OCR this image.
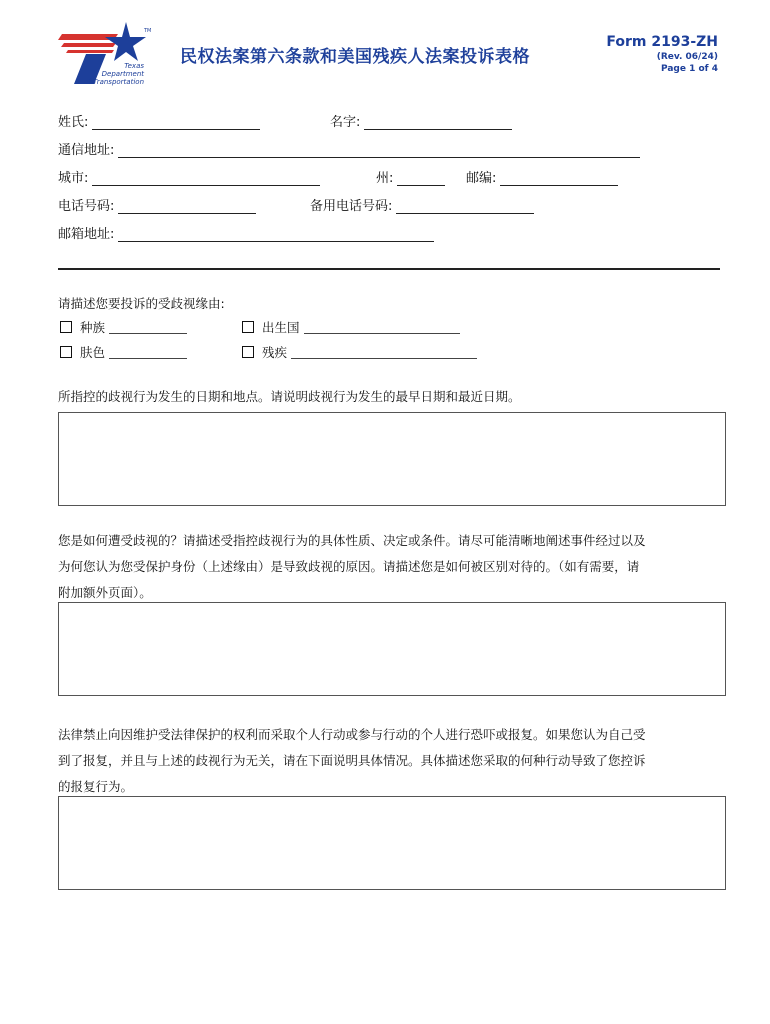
TM
Texas
Department
of Transportation
民权法案第六条款和美国残疾人法案投诉表格
Form 2193-ZH
(Rev. 06/24)
Page 1 of 4
姓氏:	名字:
通信地址:
城市:	州:	邮编:
电话号码:	备用电话号码:
邮箱地址:
请描述您要投诉的受歧视缘由:
种族	出生国
肤色	残疾
所指控的歧视行为发生的日期和地点。请说明歧视行为发生的最早日期和最近日期。
您是如何遭受歧视的？请描述受指控歧视行为的具体性质、决定或条件。请尽可能清晰地阐述事件经过以及
为何您认为您受保护身份（上述缘由）是导致歧视的原因。请描述您是如何被区别对待的。（如有需要，请
附加额外页面）。
法律禁止向因维护受法律保护的权利而采取个人行动或参与行动的个人进行恐吓或报复。如果您认为自己受
到了报复，并且与上述的歧视行为无关，请在下面说明具体情况。具体描述您采取的何种行动导致了您控诉
的报复行为。
